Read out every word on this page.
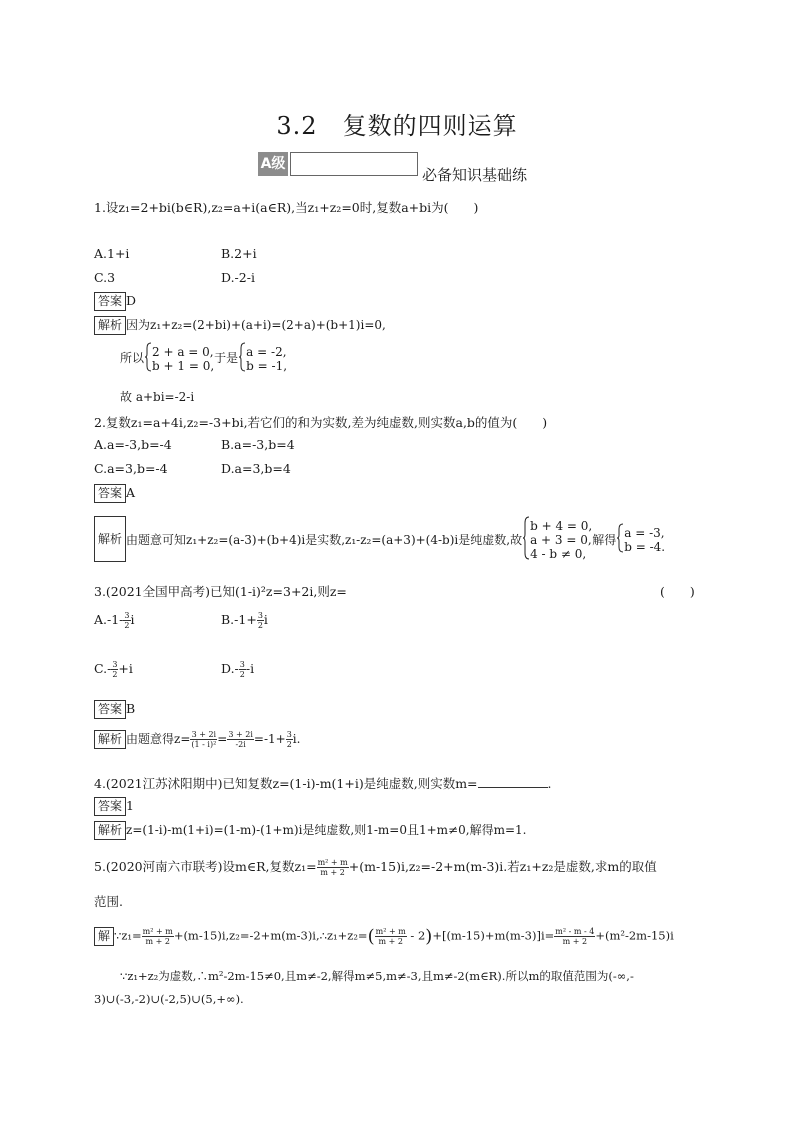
3.2　复数的四则运算
A级
必备知识基础练
1.设z₁=2+bi(b∈R),z₂=a+i(a∈R),当z₁+z₂=0时,复数a+bi为(　　)
A.1+i	B.2+i
C.3	D.-2-i
答案 D
解析 因为z₁+z₂=(2+bi)+(a+i)=(2+a)+(b+1)i=0,
所以 2 + a = 0,
b + 1 = 0,
于是 a = -2,
b = -1,
故 a+bi=-2-i
2.复数z₁=a+4i,z₂=-3+bi,若它们的和为实数,差为纯虚数,则实数a,b的值为(　　)
A.a=-3,b=-4	B.a=-3,b=4
C.a=3,b=-4	D.a=3,b=4
答案 A
解析 由题意可知z₁+z₂=(a-3)+(b+4)i是实数,z₁-z₂=(a+3)+(4-b)i是纯虚数,故
b + 4 = 0,
a + 3 = 0,
4 - b ≠ 0,
解得
a = -3,
b = -4.
3.(2021全国甲高考)已知(1-i)²z=3+2i,则z=	(　　)
$A.-1- \frac{3}{2}$ i	$B.-1+ \frac{3}{2}$ i
$C.- \frac{3}{2} +i$	$D.- \frac{3}{2} -i$
答案 B
解析 由题意得$z= \frac{3 + 2i}{\text{(1 - i)²}} = \frac{3 + 2i}{-2i} =-1+ \frac{3}{2} i$.
4.(2021江苏沭阳期中)已知复数z=(1-i)-m(1+i)是纯虚数,则实数m=	.
答案 1
解析 z=(1-i)-m(1+i)=(1-m)-(1+m)i是纯虚数,则1-m=0且1+m≠0,解得m=1.
5.(2020河南六市联考)设m∈R,复数$z_1= \frac{\text{m² + m}}{m + 2} +(m-15)i,z_2=-2+m(m-3)i$.若z₁+z₂是虚数,求m的取值
范围.
解 ∵z₁= $\frac{\text{m² + m}}{m + 2}$ +(m-15)i,z₂=-2+m(m-3)i,∴z₁+z₂=( $\frac{\text{m² + m}}{m + 2} - 2)+[(m-15)+m(m-3)]i= \frac{\text{m² - m - 4}}{m + 2} +(m^2-2m-15)i$
∵z₁+z₂为虚数,∴m²-2m-15≠0,且m≠-2,解得m≠5,m≠-3,且m≠-2(m∈R).所以m的取值范围为(-∞,-
3)∪(-3,-2)∪(-2,5)∪(5,+∞).
